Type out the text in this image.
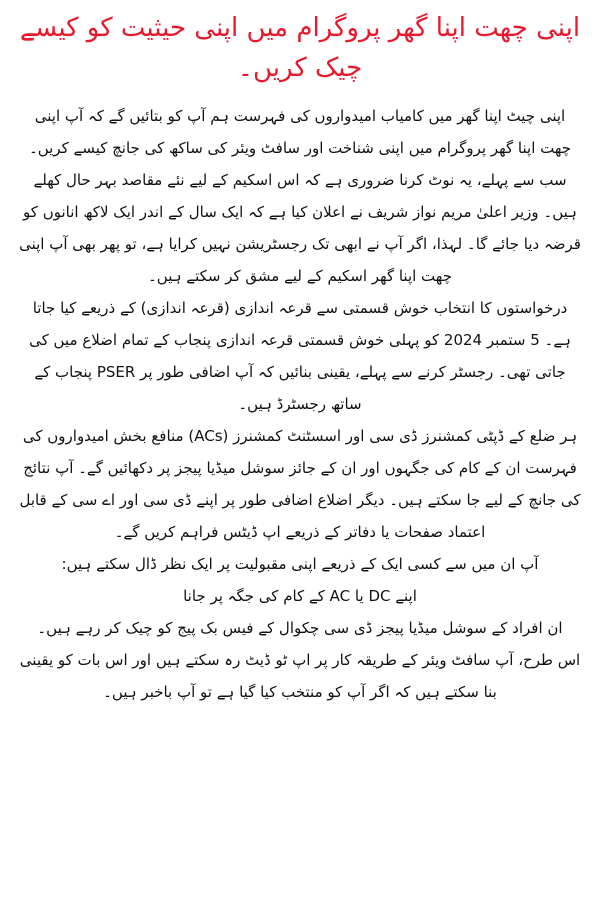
اپنی چھت اپنا گھر پروگرام میں اپنی حیثیت کو کیسے چیک کریں۔

اپنی چیٹ اپنا گھر میں کامیاب امیدواروں کی فہرست ہم آپ کو بتائیں گے کہ آپ اپنی چھت اپنا گھر پروگرام میں اپنی شناخت اور سافٹ ویئر کی ساکھ کی جانچ کیسے کریں۔ سب سے پہلے، یہ نوٹ کرنا ضروری ہے کہ اس اسکیم کے لیے نئے مقاصد بہر حال کھلے ہیں۔ وزیر اعلیٰ مریم نواز شریف نے اعلان کیا ہے کہ ایک سال کے اندر ایک لاکھ انانوں کو قرضہ دیا جائے گا۔ لہذا، اگر آپ نے ابھی تک رجسٹریشن نہیں کرایا ہے، تو پھر بھی آپ اپنی چھت اپنا گھر اسکیم کے لیے مشق کر سکتے ہیں۔

درخواستوں کا انتخاب خوش قسمتی سے قرعہ اندازی (قرعہ اندازی) کے ذریعے کیا جاتا ہے۔ 5 ستمبر 2024 کو پہلی خوش قسمتی قرعہ اندازی پنجاب کے تمام اضلاع میں کی جاتی تھی۔ رجسٹر کرنے سے پہلے، یقینی بنائیں کہ آپ اضافی طور پر PSER پنجاب کے ساتھ رجسٹرڈ ہیں۔

ہر ضلع کے ڈپٹی کمشنرز ڈی سی اور اسسٹنٹ کمشنرز (ACs) منافع بخش امیدواروں کی فہرست ان کے کام کی جگہوں اور ان کے جائز سوشل میڈیا پیجز پر دکھائیں گے۔ آپ نتائج کی جانچ کے لیے جا سکتے ہیں۔ دیگر اضلاع اضافی طور پر اپنے ڈی سی اور اے سی کے قابل اعتماد صفحات یا دفاتر کے ذریعے اپ ڈیٹس فراہم کریں گے۔

آپ ان میں سے کسی ایک کے ذریعے اپنی مقبولیت پر ایک نظر ڈال سکتے ہیں:

اپنے DC یا AC کے کام کی جگہ پر جانا

ان افراد کے سوشل میڈیا پیجز ڈی سی چکوال کے فیس بک پیج کو چیک کر رہے ہیں۔

اس طرح، آپ سافٹ ویئر کے طریقہ کار پر اپ ٹو ڈیٹ رہ سکتے ہیں اور اس بات کو یقینی بنا سکتے ہیں کہ اگر آپ کو منتخب کیا گیا ہے تو آپ باخبر ہیں۔
